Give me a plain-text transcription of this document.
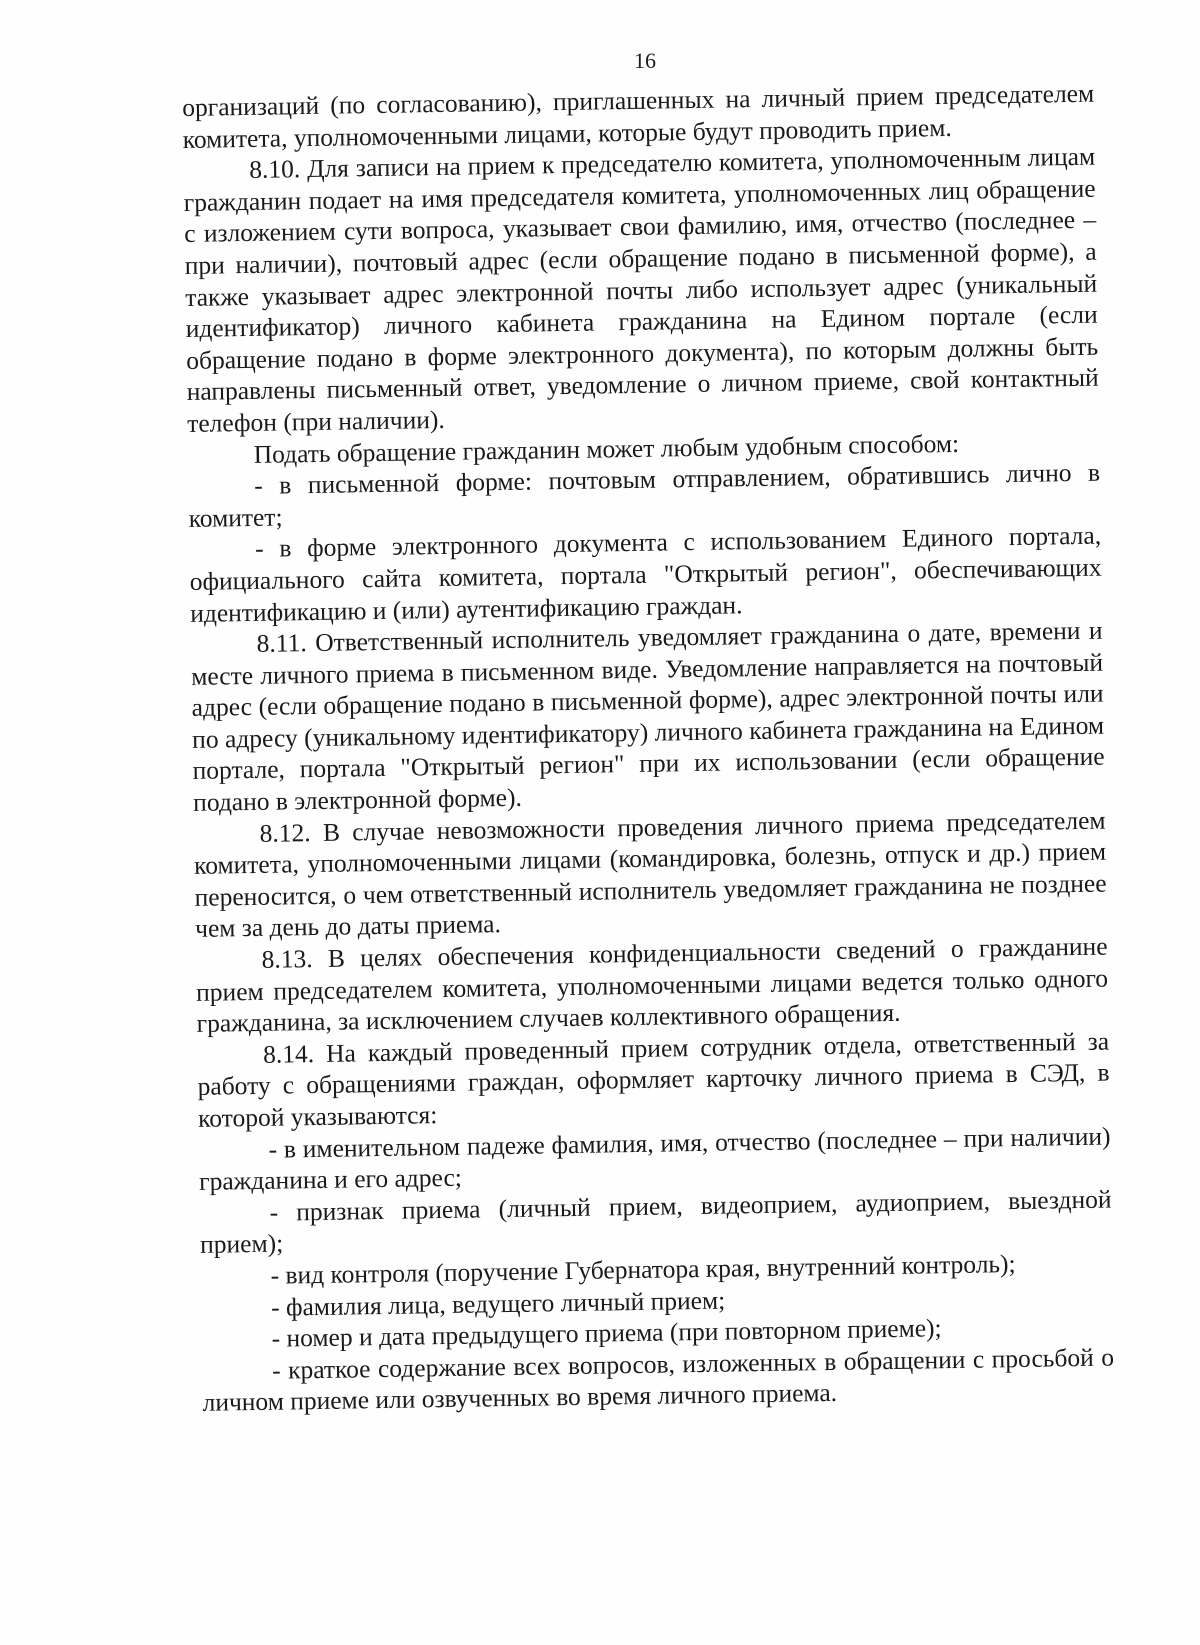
16

организаций (по согласованию), приглашенных на личный прием председателем комитета, уполномоченными лицами, которые будут проводить прием.

8.10. Для записи на прием к председателю комитета, уполномоченным лицам гражданин подает на имя председателя комитета, уполномоченных лиц обращение с изложением сути вопроса, указывает свои фамилию, имя, отчество (последнее – при наличии), почтовый адрес (если обращение подано в письменной форме), а также указывает адрес электронной почты либо использует адрес (уникальный идентификатор) личного кабинета гражданина на Едином портале (если обращение подано в форме электронного документа), по которым должны быть направлены письменный ответ, уведомление о личном приеме, свой контактный телефон (при наличии).

Подать обращение гражданин может любым удобным способом:

- в письменной форме: почтовым отправлением, обратившись лично в комитет;

- в форме электронного документа с использованием Единого портала, официального сайта комитета, портала "Открытый регион", обеспечивающих идентификацию и (или) аутентификацию граждан.

8.11. Ответственный исполнитель уведомляет гражданина о дате, времени и месте личного приема в письменном виде. Уведомление направляется на почтовый адрес (если обращение подано в письменной форме), адрес электронной почты или по адресу (уникальному идентификатору) личного кабинета гражданина на Едином портале, портала "Открытый регион" при их использовании (если обращение подано в электронной форме).

8.12. В случае невозможности проведения личного приема председателем комитета, уполномоченными лицами (командировка, болезнь, отпуск и др.) прием переносится, о чем ответственный исполнитель уведомляет гражданина не позднее чем за день до даты приема.

8.13. В целях обеспечения конфиденциальности сведений о гражданине прием председателем комитета, уполномоченными лицами ведется только одного гражданина, за исключением случаев коллективного обращения.

8.14. На каждый проведенный прием сотрудник отдела, ответственный за работу с обращениями граждан, оформляет карточку личного приема в СЭД, в которой указываются:

- в именительном падеже фамилия, имя, отчество (последнее – при наличии) гражданина и его адрес;

- признак приема (личный прием, видеоприем, аудиоприем, выездной прием);

- вид контроля (поручение Губернатора края, внутренний контроль);

- фамилия лица, ведущего личный прием;

- номер и дата предыдущего приема (при повторном приеме);

- краткое содержание всех вопросов, изложенных в обращении с просьбой о личном приеме или озвученных во время личного приема.
